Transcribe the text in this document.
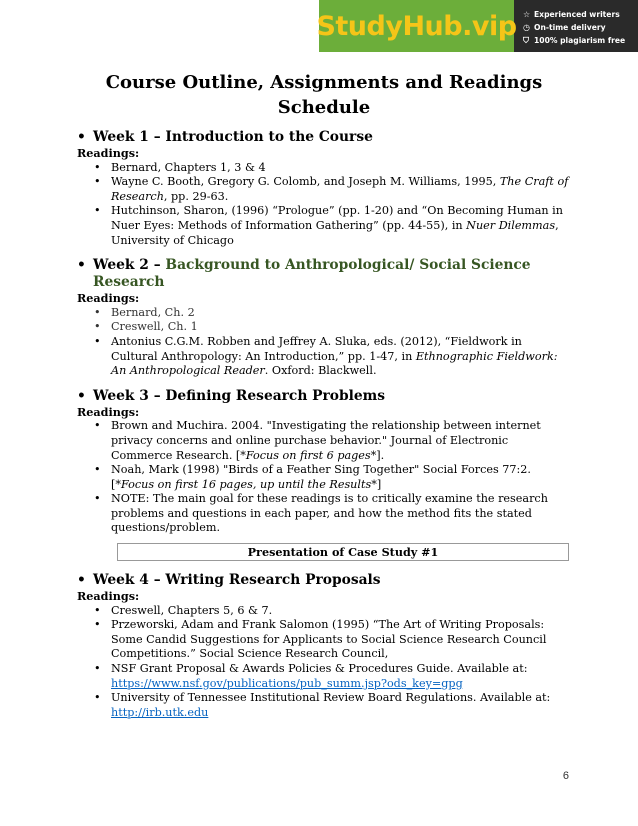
StudyHub.vip ☆ Experienced writers
◷ On-time delivery
⛉ 100% plagiarism free
Course Outline, Assignments and Readings Schedule
• Week 1 – Introduction to the Course
Readings:
• Bernard, Chapters 1, 3 & 4
• Wayne C. Booth, Gregory G. Colomb, and Joseph M. Williams, 1995, The Craft of Research, pp. 29-63.
• Hutchinson, Sharon, (1996) “Prologue” (pp. 1-20) and “On Becoming Human in Nuer Eyes: Methods of Information Gathering” (pp. 44-55), in Nuer Dilemmas, University of Chicago
• Week 2 – Background to Anthropological/ Social Science Research
Readings:
• Bernard, Ch. 2
• Creswell, Ch. 1
• Antonius C.G.M. Robben and Jeffrey A. Sluka, eds. (2012), “Fieldwork in Cultural Anthropology: An Introduction,” pp. 1-47, in Ethnographic Fieldwork: An Anthropological Reader. Oxford: Blackwell.
• Week 3 – Defining Research Problems
Readings:
• Brown and Muchira. 2004. "Investigating the relationship between internet privacy concerns and online purchase behavior." Journal of Electronic Commerce Research. [*Focus on first 6 pages*].
• Noah, Mark (1998) "Birds of a Feather Sing Together" Social Forces 77:2. [*Focus on first 16 pages, up until the Results*]
• NOTE: The main goal for these readings is to critically examine the research problems and questions in each paper, and how the method fits the stated questions/problem.
Presentation of Case Study #1
• Week 4 – Writing Research Proposals
Readings:
• Creswell, Chapters 5, 6 & 7.
• Przeworski, Adam and Frank Salomon (1995) “The Art of Writing Proposals: Some Candid Suggestions for Applicants to Social Science Research Council Competitions.” Social Science Research Council,
• NSF Grant Proposal & Awards Policies & Procedures Guide. Available at: https://www.nsf.gov/publications/pub_summ.jsp?ods_key=gpg
• University of Tennessee Institutional Review Board Regulations. Available at: http://irb.utk.edu
6
